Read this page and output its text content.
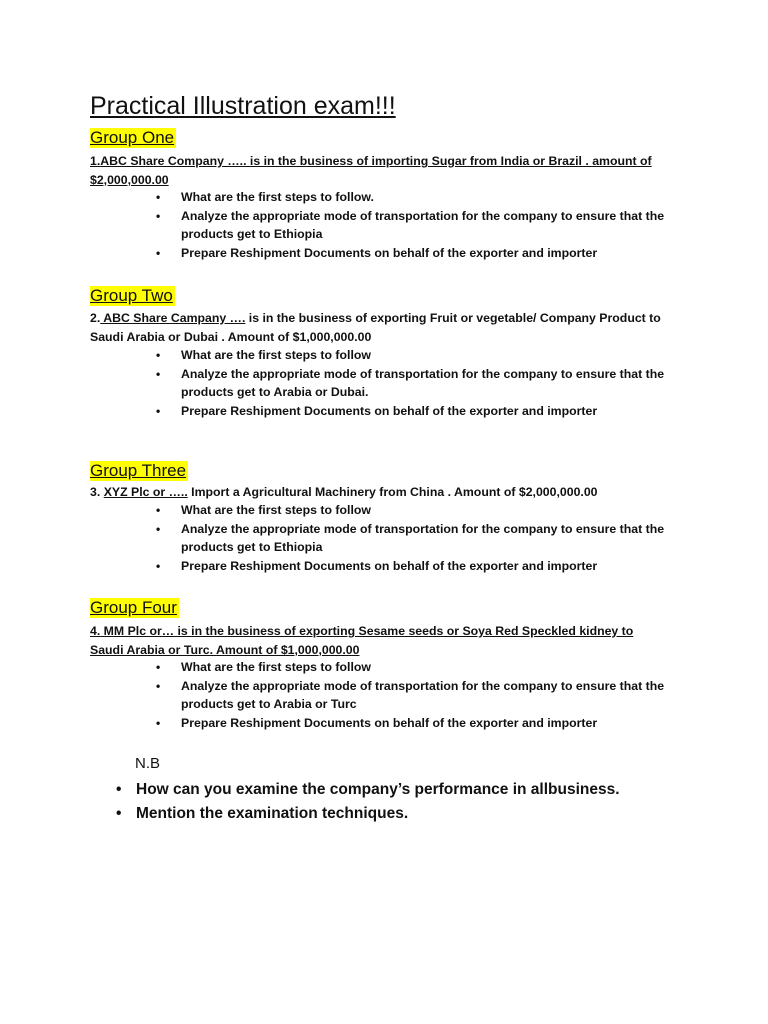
Practical Illustration exam!!!
Group One

1.ABC Share Company ….. is in the business of importing Sugar from India or Brazil . amount of $2,000,000.00

• What are the first steps to follow.
• Analyze the appropriate mode of transportation for the company to ensure that the products get to Ethiopia
• Prepare Reshipment Documents on behalf of the exporter and importer
Group Two

2. ABC Share Campany …. is in the business of exporting Fruit or vegetable/ Company Product to Saudi Arabia or Dubai . Amount of $1,000,000.00

• What are the first steps to follow
• Analyze the appropriate mode of transportation for the company to ensure that the products get to Arabia or Dubai.
• Prepare Reshipment Documents on behalf of the exporter and importer
Group Three

3. XYZ Plc or ….. Import a Agricultural Machinery from China . Amount of $2,000,000.00

• What are the first steps to follow
• Analyze the appropriate mode of transportation for the company to ensure that the products get to Ethiopia
• Prepare Reshipment Documents on behalf of the exporter and importer
Group Four

4. MM Plc or… is in the business of exporting Sesame seeds or Soya Red Speckled kidney to Saudi Arabia or Turc. Amount of $1,000,000.00

• What are the first steps to follow
• Analyze the appropriate mode of transportation for the company to ensure that the products get to Arabia or Turc
• Prepare Reshipment Documents on behalf of the exporter and importer

N.B

• How can you examine the company’s performance in allbusiness.
• Mention the examination techniques.
